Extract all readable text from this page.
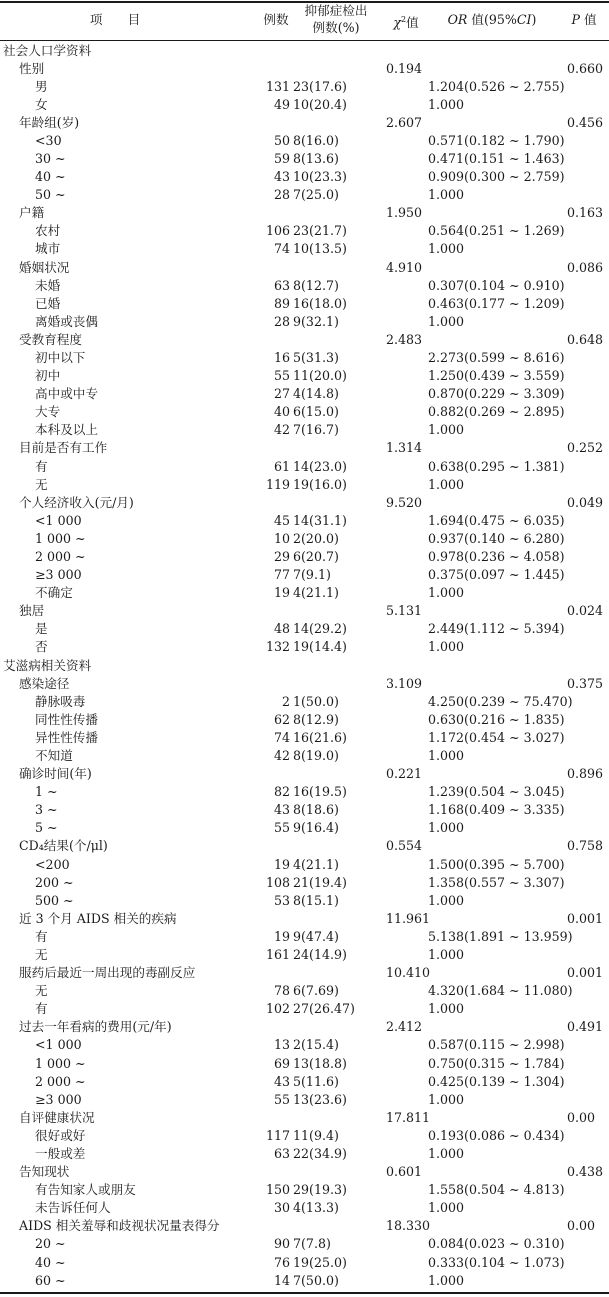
项　　目	例数
抑郁症检出
例数(%)	$\chi^2$值	OR 值(95%CI)	P 值
社会人口学资料
性别	0.194	0.660
男	131 23(17.6)	1.204(0.526 ~ 2.755)
女	49 10(20.4)	1.000
年龄组(岁)	2.607	0.456
<30	50 8(16.0)	0.571(0.182 ~ 1.790)
30 ~	59 8(13.6)	0.471(0.151 ~ 1.463)
40 ~	43 10(23.3)	0.909(0.300 ~ 2.759)
50 ~	28 7(25.0)	1.000
户籍	1.950	0.163
农村	106 23(21.7)	0.564(0.251 ~ 1.269)
城市	74 10(13.5)	1.000
婚姻状况	4.910	0.086
未婚	63 8(12.7)	0.307(0.104 ~ 0.910)
已婚	89 16(18.0)	0.463(0.177 ~ 1.209)
离婚或丧偶	28 9(32.1)	1.000
受教育程度	2.483	0.648
初中以下	16 5(31.3)	2.273(0.599 ~ 8.616)
初中	55 11(20.0)	1.250(0.439 ~ 3.559)
高中或中专	27 4(14.8)	0.870(0.229 ~ 3.309)
大专	40 6(15.0)	0.882(0.269 ~ 2.895)
本科及以上	42 7(16.7)	1.000
目前是否有工作	1.314	0.252
有	61 14(23.0)	0.638(0.295 ~ 1.381)
无	119 19(16.0)	1.000
个人经济收入(元/月)	9.520	0.049
<1 000	45 14(31.1)	1.694(0.475 ~ 6.035)
1 000 ~	10 2(20.0)	0.937(0.140 ~ 6.280)
2 000 ~	29 6(20.7)	0.978(0.236 ~ 4.058)
≥3 000	77 7(9.1)	0.375(0.097 ~ 1.445)
不确定	19 4(21.1)	1.000
独居	5.131	0.024
是	48 14(29.2)	2.449(1.112 ~ 5.394)
否	132 19(14.4)	1.000
艾滋病相关资料
感染途径	3.109	0.375
静脉吸毒	2 1(50.0)	4.250(0.239 ~ 75.470)
同性性传播	62 8(12.9)	0.630(0.216 ~ 1.835)
异性性传播	74 16(21.6)	1.172(0.454 ~ 3.027)
不知道	42 8(19.0)	1.000
确诊时间(年)	0.221	0.896
1 ~	82 16(19.5)	1.239(0.504 ~ 3.045)
3 ~	43 8(18.6)	1.168(0.409 ~ 3.335)
5 ~	55 9(16.4)	1.000
CD₄结果(个/μl)	0.554	0.758
<200	19 4(21.1)	1.500(0.395 ~ 5.700)
200 ~	108 21(19.4)	1.358(0.557 ~ 3.307)
500 ~	53 8(15.1)	1.000
近 3 个月 AIDS 相关的疾病	11.961	0.001
有	19 9(47.4)	5.138(1.891 ~ 13.959)
无	161 24(14.9)	1.000
服药后最近一周出现的毒副反应	10.410	0.001
无	78 6(7.69)	4.320(1.684 ~ 11.080)
有	102 27(26.47)	1.000
过去一年看病的费用(元/年)	2.412	0.491
<1 000	13 2(15.4)	0.587(0.115 ~ 2.998)
1 000 ~	69 13(18.8)	0.750(0.315 ~ 1.784)
2 000 ~	43 5(11.6)	0.425(0.139 ~ 1.304)
≥3 000	55 13(23.6)	1.000
自评健康状况	17.811	0.00
很好或好	117 11(9.4)	0.193(0.086 ~ 0.434)
一般或差	63 22(34.9)	1.000
告知现状	0.601	0.438
有告知家人或朋友	150 29(19.3)	1.558(0.504 ~ 4.813)
未告诉任何人	30 4(13.3)	1.000
AIDS 相关羞辱和歧视状况量表得分	18.330	0.00
20 ~	90 7(7.8)	0.084(0.023 ~ 0.310)
40 ~	76 19(25.0)	0.333(0.104 ~ 1.073)
60 ~	14 7(50.0)	1.000
